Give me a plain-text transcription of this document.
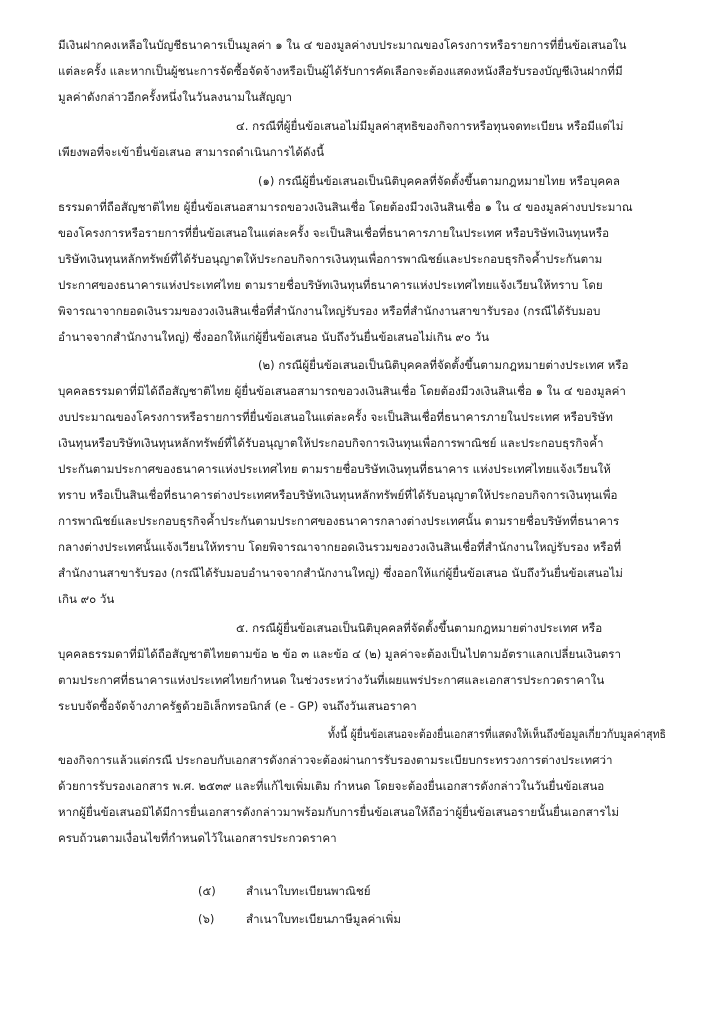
มีเงินฝากคงเหลือในบัญชีธนาคารเป็นมูลค่า ๑ ใน ๔ ของมูลค่างบประมาณของโครงการหรือรายการที่ยื่นข้อเสนอใน
แต่ละครั้ง และหากเป็นผู้ชนะการจัดซื้อจัดจ้างหรือเป็นผู้ได้รับการคัดเลือกจะต้องแสดงหนังสือรับรองบัญชีเงินฝากที่มี
มูลค่าดังกล่าวอีกครั้งหนึ่งในวันลงนามในสัญญา
๔. กรณีที่ผู้ยื่นข้อเสนอไม่มีมูลค่าสุทธิของกิจการหรือทุนจดทะเบียน หรือมีแต่ไม่
เพียงพอที่จะเข้ายื่นข้อเสนอ สามารถดำเนินการได้ดังนี้
(๑) กรณีผู้ยื่นข้อเสนอเป็นนิติบุคคลที่จัดตั้งขึ้นตามกฎหมายไทย หรือบุคคล
ธรรมดาที่ถือสัญชาติไทย ผู้ยื่นข้อเสนอสามารถขอวงเงินสินเชื่อ โดยต้องมีวงเงินสินเชื่อ ๑ ใน ๔ ของมูลค่างบประมาณ
ของโครงการหรือรายการที่ยื่นข้อเสนอในแต่ละครั้ง จะเป็นสินเชื่อที่ธนาคารภายในประเทศ หรือบริษัทเงินทุนหรือ
บริษัทเงินทุนหลักทรัพย์ที่ได้รับอนุญาตให้ประกอบกิจการเงินทุนเพื่อการพาณิชย์และประกอบธุรกิจค้ำประกันตาม
ประกาศของธนาคารแห่งประเทศไทย ตามรายชื่อบริษัทเงินทุนที่ธนาคารแห่งประเทศไทยแจ้งเวียนให้ทราบ โดย
พิจารณาจากยอดเงินรวมของวงเงินสินเชื่อที่สำนักงานใหญ่รับรอง หรือที่สำนักงานสาขารับรอง (กรณีได้รับมอบ
อำนาจจากสำนักงานใหญ่) ซึ่งออกให้แก่ผู้ยื่นข้อเสนอ นับถึงวันยื่นข้อเสนอไม่เกิน ๙๐ วัน
(๒) กรณีผู้ยื่นข้อเสนอเป็นนิติบุคคลที่จัดตั้งขึ้นตามกฎหมายต่างประเทศ หรือ
บุคคลธรรมดาที่มิได้ถือสัญชาติไทย ผู้ยื่นข้อเสนอสามารถขอวงเงินสินเชื่อ โดยต้องมีวงเงินสินเชื่อ ๑ ใน ๔ ของมูลค่า
งบประมาณของโครงการหรือรายการที่ยื่นข้อเสนอในแต่ละครั้ง จะเป็นสินเชื่อที่ธนาคารภายในประเทศ หรือบริษัท
เงินทุนหรือบริษัทเงินทุนหลักทรัพย์ที่ได้รับอนุญาตให้ประกอบกิจการเงินทุนเพื่อการพาณิชย์ และประกอบธุรกิจค้ำ
ประกันตามประกาศของธนาคารแห่งประเทศไทย ตามรายชื่อบริษัทเงินทุนที่ธนาคาร แห่งประเทศไทยแจ้งเวียนให้
ทราบ หรือเป็นสินเชื่อที่ธนาคารต่างประเทศหรือบริษัทเงินทุนหลักทรัพย์ที่ได้รับอนุญาตให้ประกอบกิจการเงินทุนเพื่อ
การพาณิชย์และประกอบธุรกิจค้ำประกันตามประกาศของธนาคารกลางต่างประเทศนั้น ตามรายชื่อบริษัทที่ธนาคาร
กลางต่างประเทศนั้นแจ้งเวียนให้ทราบ โดยพิจารณาจากยอดเงินรวมของวงเงินสินเชื่อที่สำนักงานใหญ่รับรอง หรือที่
สำนักงานสาขารับรอง (กรณีได้รับมอบอำนาจจากสำนักงานใหญ่) ซึ่งออกให้แก่ผู้ยื่นข้อเสนอ นับถึงวันยื่นข้อเสนอไม่
เกิน ๙๐ วัน
๕. กรณีผู้ยื่นข้อเสนอเป็นนิติบุคคลที่จัดตั้งขึ้นตามกฎหมายต่างประเทศ หรือ
บุคคลธรรมดาที่มิได้ถือสัญชาติไทยตามข้อ ๒ ข้อ ๓ และข้อ ๔ (๒) มูลค่าจะต้องเป็นไปตามอัตราแลกเปลี่ยนเงินตรา
ตามประกาศที่ธนาคารแห่งประเทศไทยกำหนด ในช่วงระหว่างวันที่เผยแพร่ประกาศและเอกสารประกวดราคาใน
ระบบจัดซื้อจัดจ้างภาครัฐด้วยอิเล็กทรอนิกส์ (e - GP) จนถึงวันเสนอราคา
ทั้งนี้ ผู้ยื่นข้อเสนอจะต้องยื่นเอกสารที่แสดงให้เห็นถึงข้อมูลเกี่ยวกับมูลค่าสุทธิ
ของกิจการแล้วแต่กรณี ประกอบกับเอกสารดังกล่าวจะต้องผ่านการรับรองตามระเบียบกระทรวงการต่างประเทศว่า
ด้วยการรับรองเอกสาร พ.ศ. ๒๕๓๙ และที่แก้ไขเพิ่มเติม กำหนด โดยจะต้องยื่นเอกสารดังกล่าวในวันยื่นข้อเสนอ
หากผู้ยื่นข้อเสนอมิได้มีการยื่นเอกสารดังกล่าวมาพร้อมกับการยื่นข้อเสนอให้ถือว่าผู้ยื่นข้อเสนอรายนั้นยื่นเอกสารไม่
ครบถ้วนตามเงื่อนไขที่กำหนดไว้ในเอกสารประกวดราคา
(๕)	สำเนาใบทะเบียนพาณิชย์
(๖)	สำเนาใบทะเบียนภาษีมูลค่าเพิ่ม
